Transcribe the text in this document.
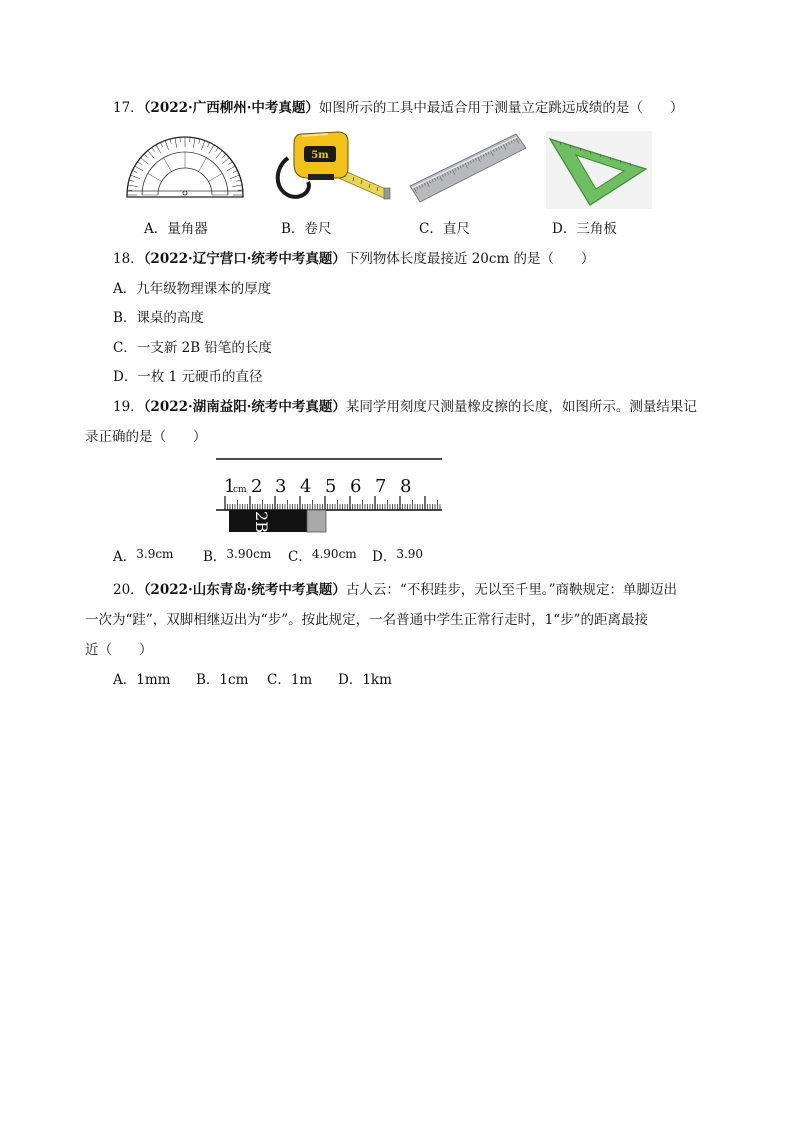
17．（2022·广西柳州·中考真题）如图所示的工具中最适合用于测量立定跳远成绩的是（　　）
5m
A．量角器	B．卷尺	C．直尺	D．三角板
18．（2022·辽宁营口·统考中考真题）下列物体长度最接近 20cm 的是（　　）
A．九年级物理课本的厚度
B．课桌的高度
C．一支新 2B 铅笔的长度
D．一枚 1 元硬币的直径
19．（2022·湖南益阳·统考中考真题）某同学用刻度尺测量橡皮擦的长度，如图所示。测量结果记
录正确的是（　　）
1
cm 2 3 4 5 6 7 8
2B
A．3.9cm B．3.90cm C．4.90cm D．3.90
20．（2022·山东青岛·统考中考真题）古人云：“不积跬步，无以至千里。”商鞅规定：单脚迈出
一次为“跬”，双脚相继迈出为“步”。按此规定，一名普通中学生正常行走时，1“步”的距离最接
近（　　）
A．1mm B．1cm C．1m D．1km
